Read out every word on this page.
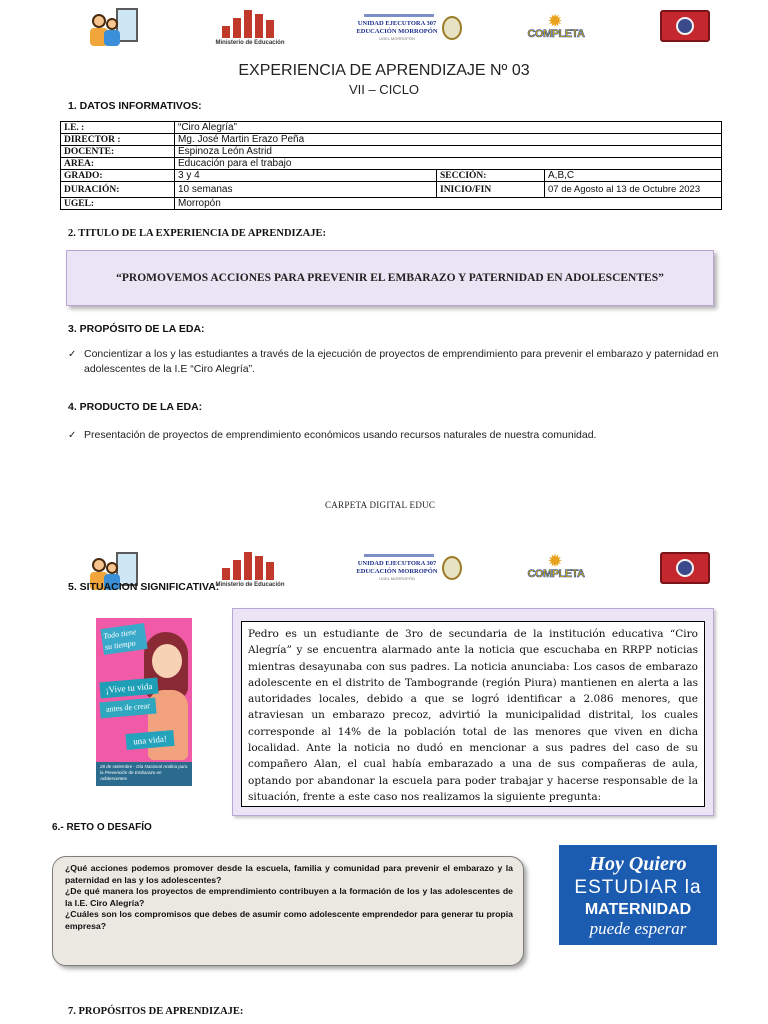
Ministerio de Educación
UNIDAD EJECUTORA 307
EDUCACIÓN MORROPÓN
UGEL MORROPÓN
✹
COMPLETA
EXPERIENCIA DE APRENDIZAJE Nº 03
VII – CICLO
1. DATOS INFORMATIVOS:
I.E. :	“Ciro Alegría”		
DIRECTOR :	Mg. José Martin Erazo Peña		
DOCENTE:	Espinoza León Astrid		
AREA:	Educación para el trabajo		
GRADO:	3 y 4	SECCIÓN:	A,B,C
DURACIÓN:	10 semanas	INICIO/FIN	07 de Agosto al 13 de Octubre 2023
UGEL:	Morropón		
2. TITULO DE LA EXPERIENCIA DE APRENDIZAJE:
“PROMOVEMOS ACCIONES PARA PREVENIR EL EMBARAZO Y PATERNIDAD EN ADOLESCENTES”
3. PROPÓSITO DE LA EDA:
✓ Concientizar a los y las estudiantes a través de la ejecución de proyectos de emprendimiento para prevenir el embarazo y paternidad en
adolescentes de la I.E “Ciro Alegría”.
4. PRODUCTO DE LA EDA:
✓ Presentación de proyectos de emprendimiento económicos usando recursos naturales de nuestra comunidad.
CARPETA DIGITAL EDUC
Ministerio de Educación
UNIDAD EJECUTORA 307
EDUCACIÓN MORROPÓN
UGEL MORROPÓN
✹
COMPLETA
5. SITUACION SIGNIFICATIVA:
Todo tiene su tiempo
¡Vive tu vida
antes de crear
una vida!
26 de setiembre - Día Nacional Andina para la Prevención de Embarazo en Adolescentes
Pedro es un estudiante de 3ro de secundaria de la institución educativa “Ciro Alegría” y se encuentra alarmado ante la noticia que escuchaba en RRPP noticias mientras desayunaba con sus padres. La noticia anunciaba: Los casos de embarazo adolescente en el distrito de Tambogrande (región Piura) mantienen en alerta a las autoridades locales, debido a que se logró identificar a 2.086 menores, que atraviesan un embarazo precoz, advirtió la municipalidad distrital, los cuales corresponde al 14% de la población total de las menores que viven en dicha localidad. Ante la noticia no dudó en mencionar a sus padres del caso de su compañero Alan, el cual había embarazado a una de sus compañeras de aula, optando por abandonar la escuela para poder trabajar y hacerse responsable de la situación, frente a este caso nos realizamos la siguiente pregunta:
6.- RETO O DESAFÍO
¿Qué acciones podemos promover desde la escuela, familia y comunidad para prevenir el embarazo y la paternidad en las y los adolescentes?
¿De qué manera los proyectos de emprendimiento contribuyen a la formación de los y las adolescentes de la I.E. Ciro Alegría?
¿Cuáles son los compromisos que debes de asumir como adolescente emprendedor para generar tu propia empresa?
Hoy Quiero
ESTUDIAR la
MATERNIDAD
puede esperar
7. PROPÓSITOS DE APRENDIZAJE:
